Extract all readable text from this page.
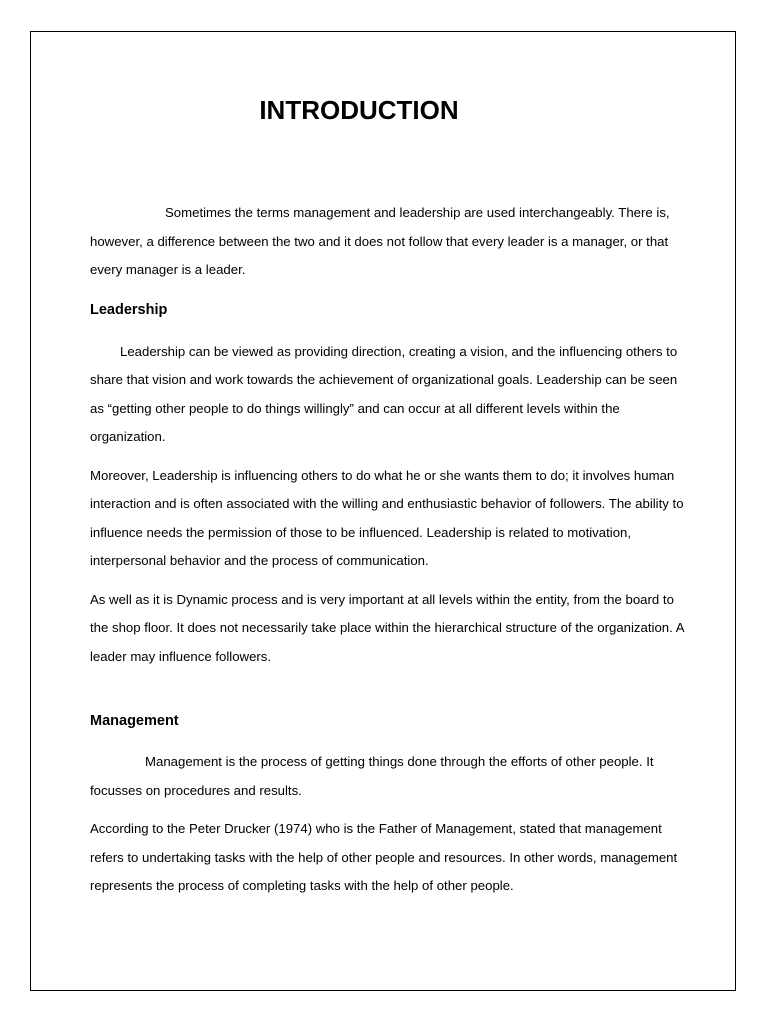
INTRODUCTION

Sometimes the terms management and leadership are used interchangeably. There is, however, a difference between the two and it does not follow that every leader is a manager, or that every manager is a leader.

Leadership

Leadership can be viewed as providing direction, creating a vision, and the influencing others to share that vision and work towards the achievement of organizational goals. Leadership can be seen as “getting other people to do things willingly” and can occur at all different levels within the organization.

Moreover, Leadership is influencing others to do what he or she wants them to do; it involves human interaction and is often associated with the willing and enthusiastic behavior of followers. The ability to influence needs the permission of those to be influenced. Leadership is related to motivation, interpersonal behavior and the process of communication.

As well as it is Dynamic process and is very important at all levels within the entity, from the board to the shop floor. It does not necessarily take place within the hierarchical structure of the organization. A leader may influence followers.

Management

Management is the process of getting things done through the efforts of other people. It focusses on procedures and results.

According to the Peter Drucker (1974) who is the Father of Management, stated that management refers to undertaking tasks with the help of other people and resources. In other words, management represents the process of completing tasks with the help of other people.
